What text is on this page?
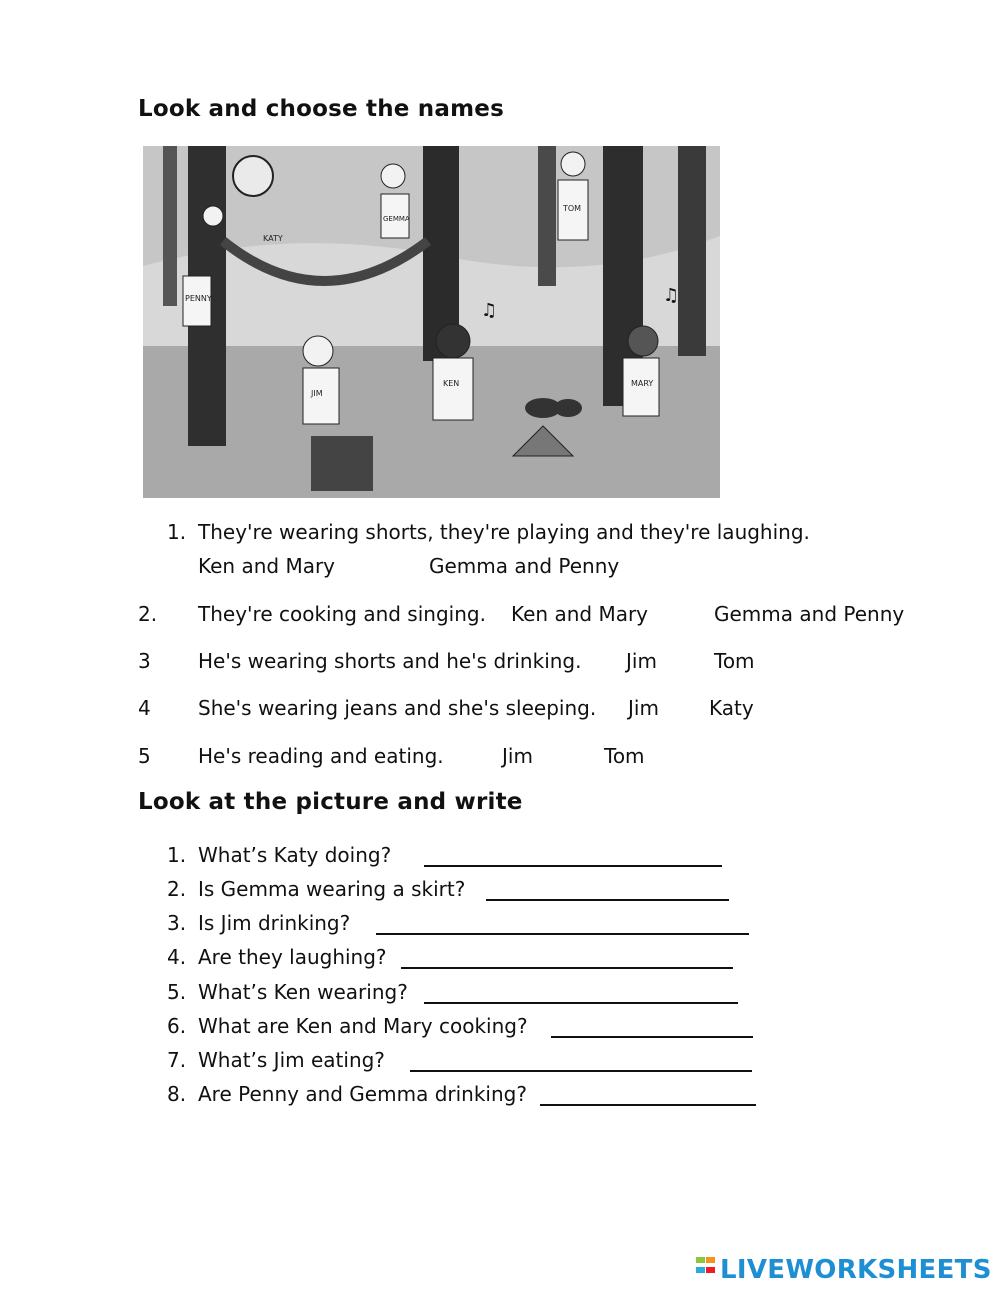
Look and choose the names
♫
♫
KATY
GEMMA
TOM
PENNY
JIM
KEN	MARY
1. They're wearing shorts, they're playing and they're laughing.
Ken and Mary	Gemma and Penny
2. They're cooking and singing. Ken and Mary	Gemma and Penny
3 He's wearing shorts and he's drinking. Jim	Tom
4 She's wearing jeans and she's sleeping. Jim	Katy
5 He's reading and eating.	Jim	Tom
Look at the picture and write
1. What’s Katy doing?
2. Is Gemma wearing a skirt?
3. Is Jim drinking?
4. Are they laughing?
5. What’s Ken wearing?
6. What are Ken and Mary cooking?
7. What’s Jim eating?
8. Are Penny and Gemma drinking?
LIVEWORKSHEETS
